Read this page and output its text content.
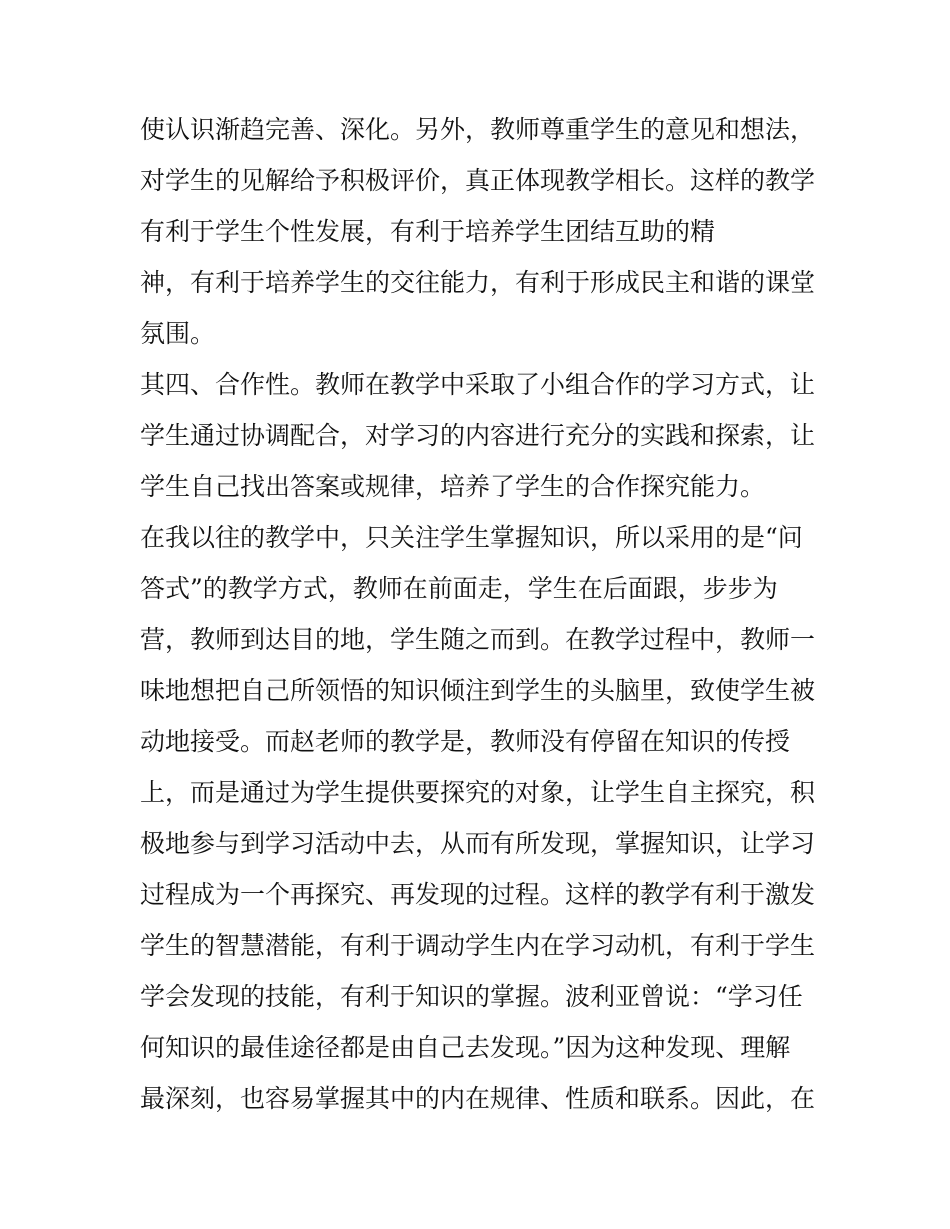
使认识渐趋完善、深化。另外，教师尊重学生的意见和想法，
对学生的见解给予积极评价，真正体现教学相长。这样的教学
有利于学生个性发展，有利于培养学生团结互助的精
神，有利于培养学生的交往能力，有利于形成民主和谐的课堂
氛围。
其四、合作性。教师在教学中采取了小组合作的学习方式，让
学生通过协调配合，对学习的内容进行充分的实践和探索，让
学生自己找出答案或规律，培养了学生的合作探究能力。
在我以往的教学中，只关注学生掌握知识，所以采用的是“问
答式”的教学方式，教师在前面走，学生在后面跟，步步为
营，教师到达目的地，学生随之而到。在教学过程中，教师一
味地想把自己所领悟的知识倾注到学生的头脑里，致使学生被
动地接受。而赵老师的教学是，教师没有停留在知识的传授
上，而是通过为学生提供要探究的对象，让学生自主探究，积
极地参与到学习活动中去，从而有所发现，掌握知识，让学习
过程成为一个再探究、再发现的过程。这样的教学有利于激发
学生的智慧潜能，有利于调动学生内在学习动机，有利于学生
学会发现的技能，有利于知识的掌握。波利亚曾说：“学习任
何知识的最佳途径都是由自己去发现。”因为这种发现、理解
最深刻，也容易掌握其中的内在规律、性质和联系。因此，在
